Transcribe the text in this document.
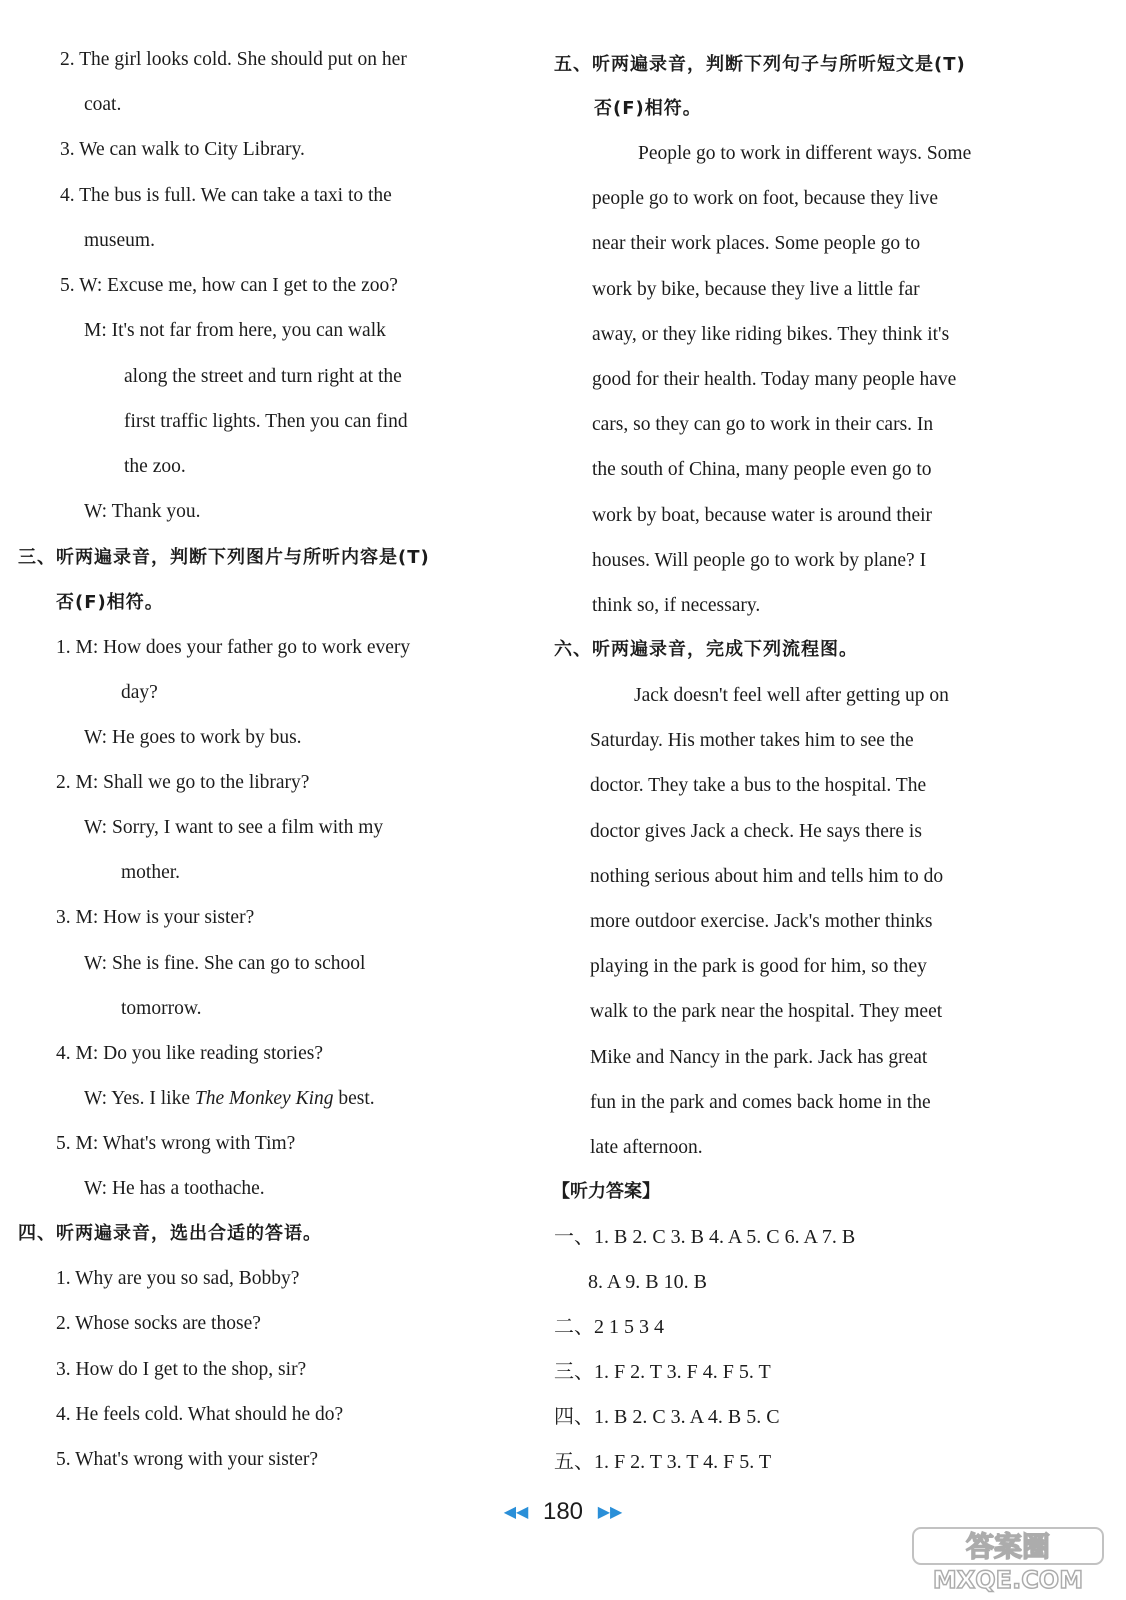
2. The girl looks cold. She should put on her
coat.
3. We can walk to City Library.
4. The bus is full. We can take a taxi to the
museum.
5. W: Excuse me, how can I get to the zoo?
M: It's not far from here, you can walk
along the street and turn right at the
first traffic lights. Then you can find
the zoo.
W: Thank you.
三、听两遍录音，判断下列图片与所听内容是(T)
否(F)相符。
1. M: How does your father go to work every
day?
W: He goes to work by bus.
2. M: Shall we go to the library?
W: Sorry, I want to see a film with my
mother.
3. M: How is your sister?
W: She is fine. She can go to school
tomorrow.
4. M: Do you like reading stories?
W: Yes. I like The Monkey King best.
5. M: What's wrong with Tim?
W: He has a toothache.
四、听两遍录音，选出合适的答语。
1. Why are you so sad, Bobby?
2. Whose socks are those?
3. How do I get to the shop, sir?
4. He feels cold. What should he do?
5. What's wrong with your sister?
五、听两遍录音，判断下列句子与所听短文是(T)
否(F)相符。
People go to work in different ways. Some
people go to work on foot, because they live
near their work places. Some people go to
work by bike, because they live a little far
away, or they like riding bikes. They think it's
good for their health. Today many people have
cars, so they can go to work in their cars. In
the south of China, many people even go to
work by boat, because water is around their
houses. Will people go to work by plane? I
think so, if necessary.
六、听两遍录音，完成下列流程图。
Jack doesn't feel well after getting up on
Saturday. His mother takes him to see the
doctor. They take a bus to the hospital. The
doctor gives Jack a check. He says there is
nothing serious about him and tells him to do
more outdoor exercise. Jack's mother thinks
playing in the park is good for him, so they
walk to the park near the hospital. They meet
Mike and Nancy in the park. Jack has great
fun in the park and comes back home in the
late afternoon.
【听力答案】
一、1. B 2. C 3. B 4. A 5. C 6. A 7. B
8. A 9. B 10. B
二、2 1 5 3 4
三、1. F 2. T 3. F 4. F 5. T
四、1. B 2. C 3. A 4. B 5. C
五、1. F 2. T 3. T 4. F 5. T
◀◀ 180 ▶▶
答案圈
MXQE.COM
